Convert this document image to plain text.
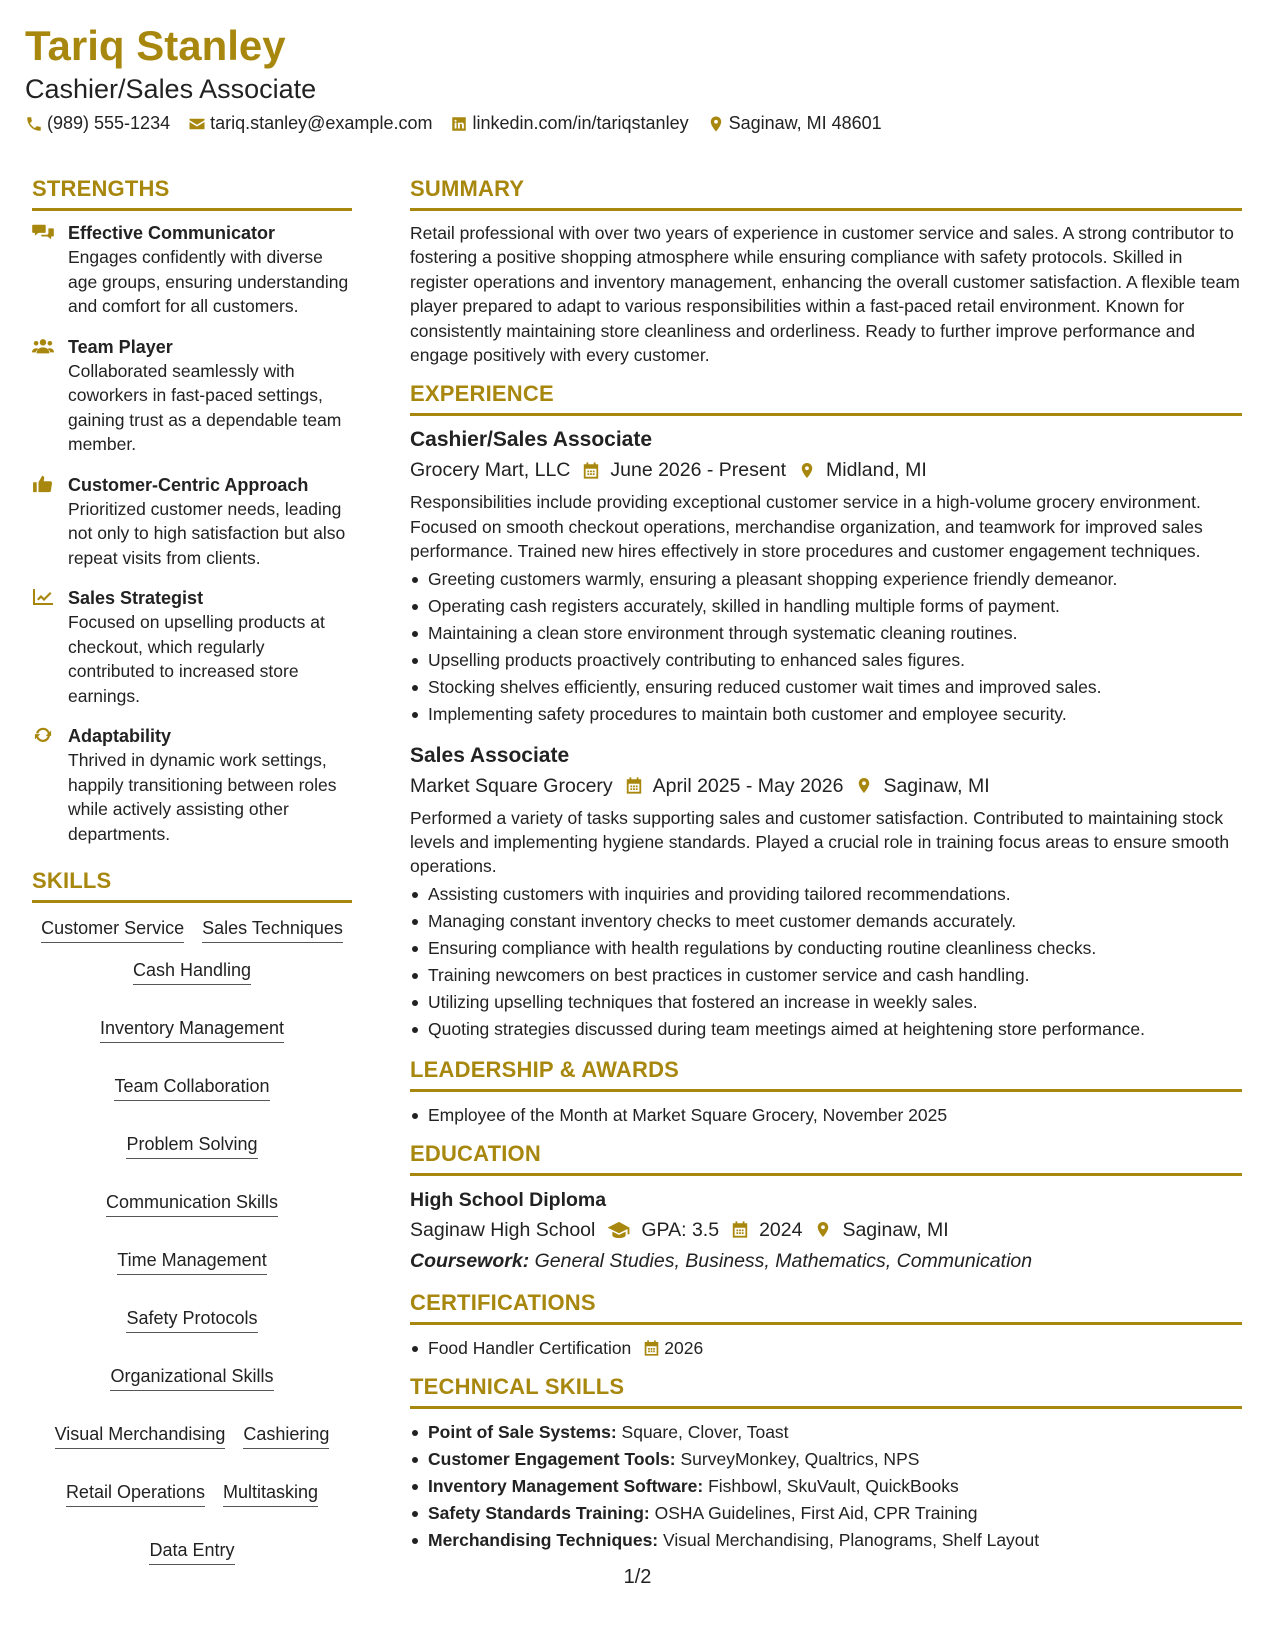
Tariq Stanley
Cashier/Sales Associate
(989) 555-1234 tariq.stanley@example.com linkedin.com/in/tariqstanley Saginaw, MI 48601
STRENGTHS
Effective Communicator
Engages confidently with diverse age groups, ensuring understanding and comfort for all customers.
Team Player
Collaborated seamlessly with coworkers in fast-paced settings, gaining trust as a dependable team member.
Customer-Centric Approach
Prioritized customer needs, leading not only to high satisfaction but also repeat visits from clients.
Sales Strategist
Focused on upselling products at checkout, which regularly contributed to increased store earnings.
Adaptability
Thrived in dynamic work settings, happily transitioning between roles while actively assisting other departments.
SKILLS
Customer Service Sales Techniques
Cash Handling
Inventory Management
Team Collaboration
Problem Solving
Communication Skills
Time Management
Safety Protocols
Organizational Skills
Visual Merchandising Cashiering
Retail Operations Multitasking
Data Entry
SUMMARY
Retail professional with over two years of experience in customer service and sales. A strong contributor to fostering a positive shopping atmosphere while ensuring compliance with safety protocols. Skilled in register operations and inventory management, enhancing the overall customer satisfaction. A flexible team player prepared to adapt to various responsibilities within a fast-paced retail environment. Known for consistently maintaining store cleanliness and orderliness. Ready to further improve performance and engage positively with every customer.
EXPERIENCE
Cashier/Sales Associate
Grocery Mart, LLC June 2026 - Present Midland, MI
Responsibilities include providing exceptional customer service in a high-volume grocery environment. Focused on smooth checkout operations, merchandise organization, and teamwork for improved sales performance. Trained new hires effectively in store procedures and customer engagement techniques.
Greeting customers warmly, ensuring a pleasant shopping experience friendly demeanor.
Operating cash registers accurately, skilled in handling multiple forms of payment.
Maintaining a clean store environment through systematic cleaning routines.
Upselling products proactively contributing to enhanced sales figures.
Stocking shelves efficiently, ensuring reduced customer wait times and improved sales.
Implementing safety procedures to maintain both customer and employee security.
Sales Associate
Market Square Grocery April 2025 - May 2026 Saginaw, MI
Performed a variety of tasks supporting sales and customer satisfaction. Contributed to maintaining stock levels and implementing hygiene standards. Played a crucial role in training focus areas to ensure smooth operations.
Assisting customers with inquiries and providing tailored recommendations.
Managing constant inventory checks to meet customer demands accurately.
Ensuring compliance with health regulations by conducting routine cleanliness checks.
Training newcomers on best practices in customer service and cash handling.
Utilizing upselling techniques that fostered an increase in weekly sales.
Quoting strategies discussed during team meetings aimed at heightening store performance.
LEADERSHIP & AWARDS
Employee of the Month at Market Square Grocery, November 2025
EDUCATION
High School Diploma
Saginaw High School GPA: 3.5 2024 Saginaw, MI
Coursework: General Studies, Business, Mathematics, Communication
CERTIFICATIONS
Food Handler Certification 2026
TECHNICAL SKILLS
Point of Sale Systems: Square, Clover, Toast
Customer Engagement Tools: SurveyMonkey, Qualtrics, NPS
Inventory Management Software: Fishbowl, SkuVault, QuickBooks
Safety Standards Training: OSHA Guidelines, First Aid, CPR Training
Merchandising Techniques: Visual Merchandising, Planograms, Shelf Layout
1/2
